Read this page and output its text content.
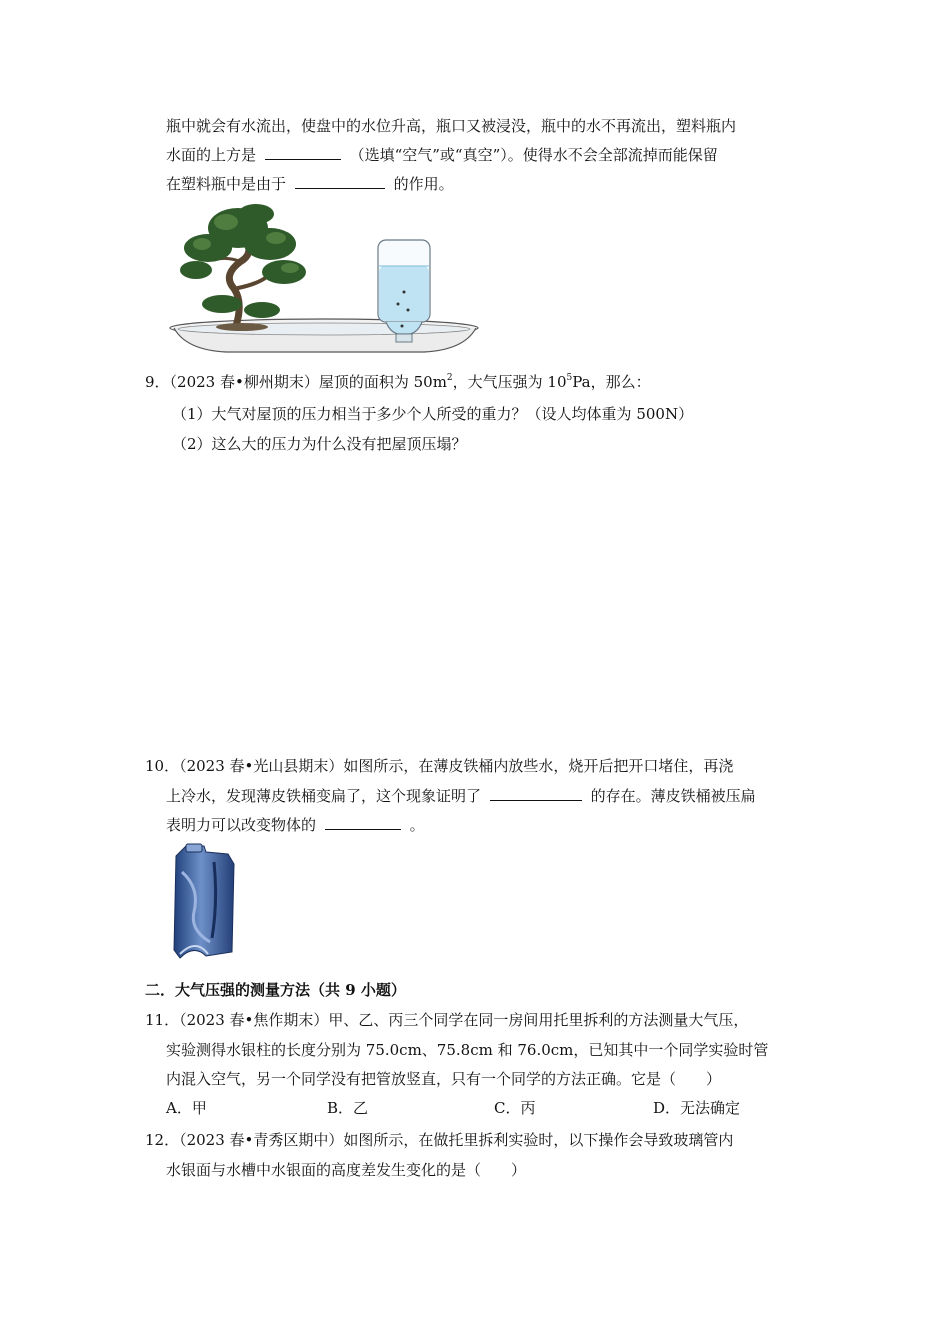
瓶中就会有水流出，使盘中的水位升高，瓶口又被浸没，瓶中的水不再流出，塑料瓶内
水面的上方是	（选填“空气”或“真空”）。使得水不会全部流掉而能保留
在塑料瓶中是由于	的作用。
9．（2023 春•柳州期末）屋顶的面积为 $50m^2$，大气压强为 $10^5Pa$，那么：
（1）大气对屋顶的压力相当于多少个人所受的重力？（设人均体重为 500N）
（2）这么大的压力为什么没有把屋顶压塌？
10．（2023 春•光山县期末）如图所示，在薄皮铁桶内放些水，烧开后把开口堵住，再浇
上冷水，发现薄皮铁桶变扁了，这个现象证明了	的存在。薄皮铁桶被压扁
表明力可以改变物体的	。
二．大气压强的测量方法（共 9 小题）
11．（2023 春•焦作期末）甲、乙、丙三个同学在同一房间用托里拆利的方法测量大气压，
实验测得水银柱的长度分别为 75.0cm、75.8cm 和 76.0cm，已知其中一个同学实验时管
内混入空气，另一个同学没有把管放竖直，只有一个同学的方法正确。它是（　　）
A．甲	B．乙	C．丙	D．无法确定
12．（2023 春•青秀区期中）如图所示，在做托里拆利实验时，以下操作会导致玻璃管内
水银面与水槽中水银面的高度差发生变化的是（　　）
